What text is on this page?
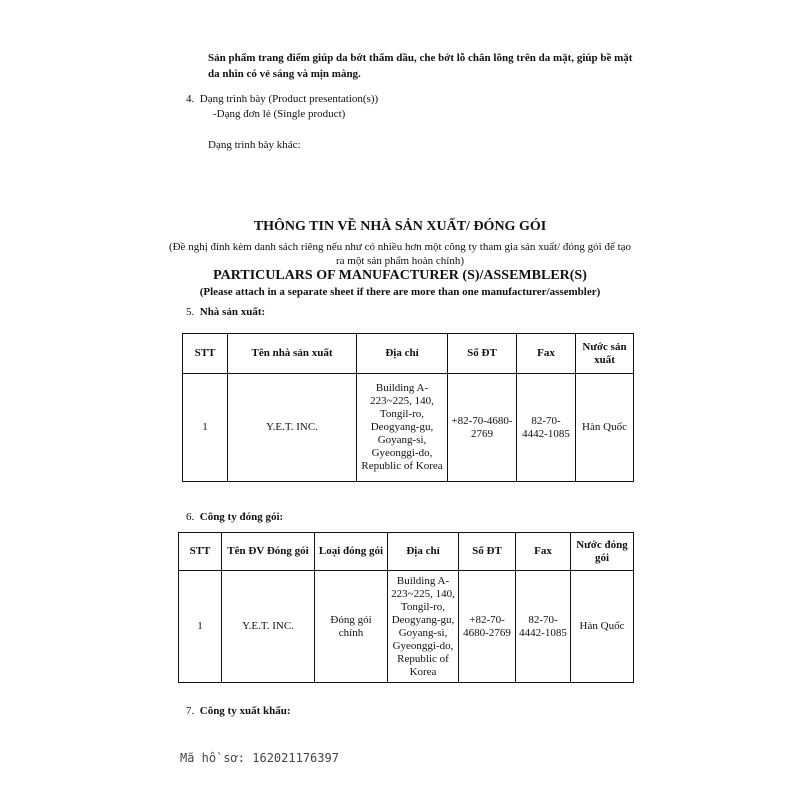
Sản phẩm trang điểm giúp da bớt thấm dầu, che bớt lỗ chân lông trên da mặt, giúp bề mặt da nhìn có vẻ sáng và mịn màng.
4. Dạng trình bày (Product presentation(s))
-Dạng đơn lẻ (Single product)
Dạng trình bày khác:
THÔNG TIN VỀ NHÀ SẢN XUẤT/ ĐÓNG GÓI
(Đề nghị đính kèm danh sách riêng nếu như có nhiều hơn một công ty tham gia sản xuất/ đóng gói để tạo ra một sản phẩm hoàn chỉnh)
PARTICULARS OF MANUFACTURER (S)/ASSEMBLER(S)
(Please attach in a separate sheet if there are more than one manufacturer/assembler)
5. Nhà sản xuất:
STT	Tên nhà sản xuất	Địa chỉ	Số ĐT	Fax	Nước sản xuất
1	Y.E.T. INC.	Building A-223~225, 140, Tongil-ro, Deogyang-gu, Goyang-si, Gyeonggi-do, Republic of Korea	+82-70-4680-2769	82-70-4442-1085	Hàn Quốc
6. Công ty đóng gói:
STT	Tên ĐV Đóng gói	Loại đóng gói	Địa chỉ	Số ĐT	Fax	Nước đóng gói
1	Y.E.T. INC.	Đóng gói chính	Building A-223~225, 140, Tongil-ro, Deogyang-gu, Goyang-si, Gyeonggi-do, Republic of Korea	+82-70-4680-2769	82-70-4442-1085	Hàn Quốc
7. Công ty xuất khẩu:
Mã hồ sơ: 162021176397
